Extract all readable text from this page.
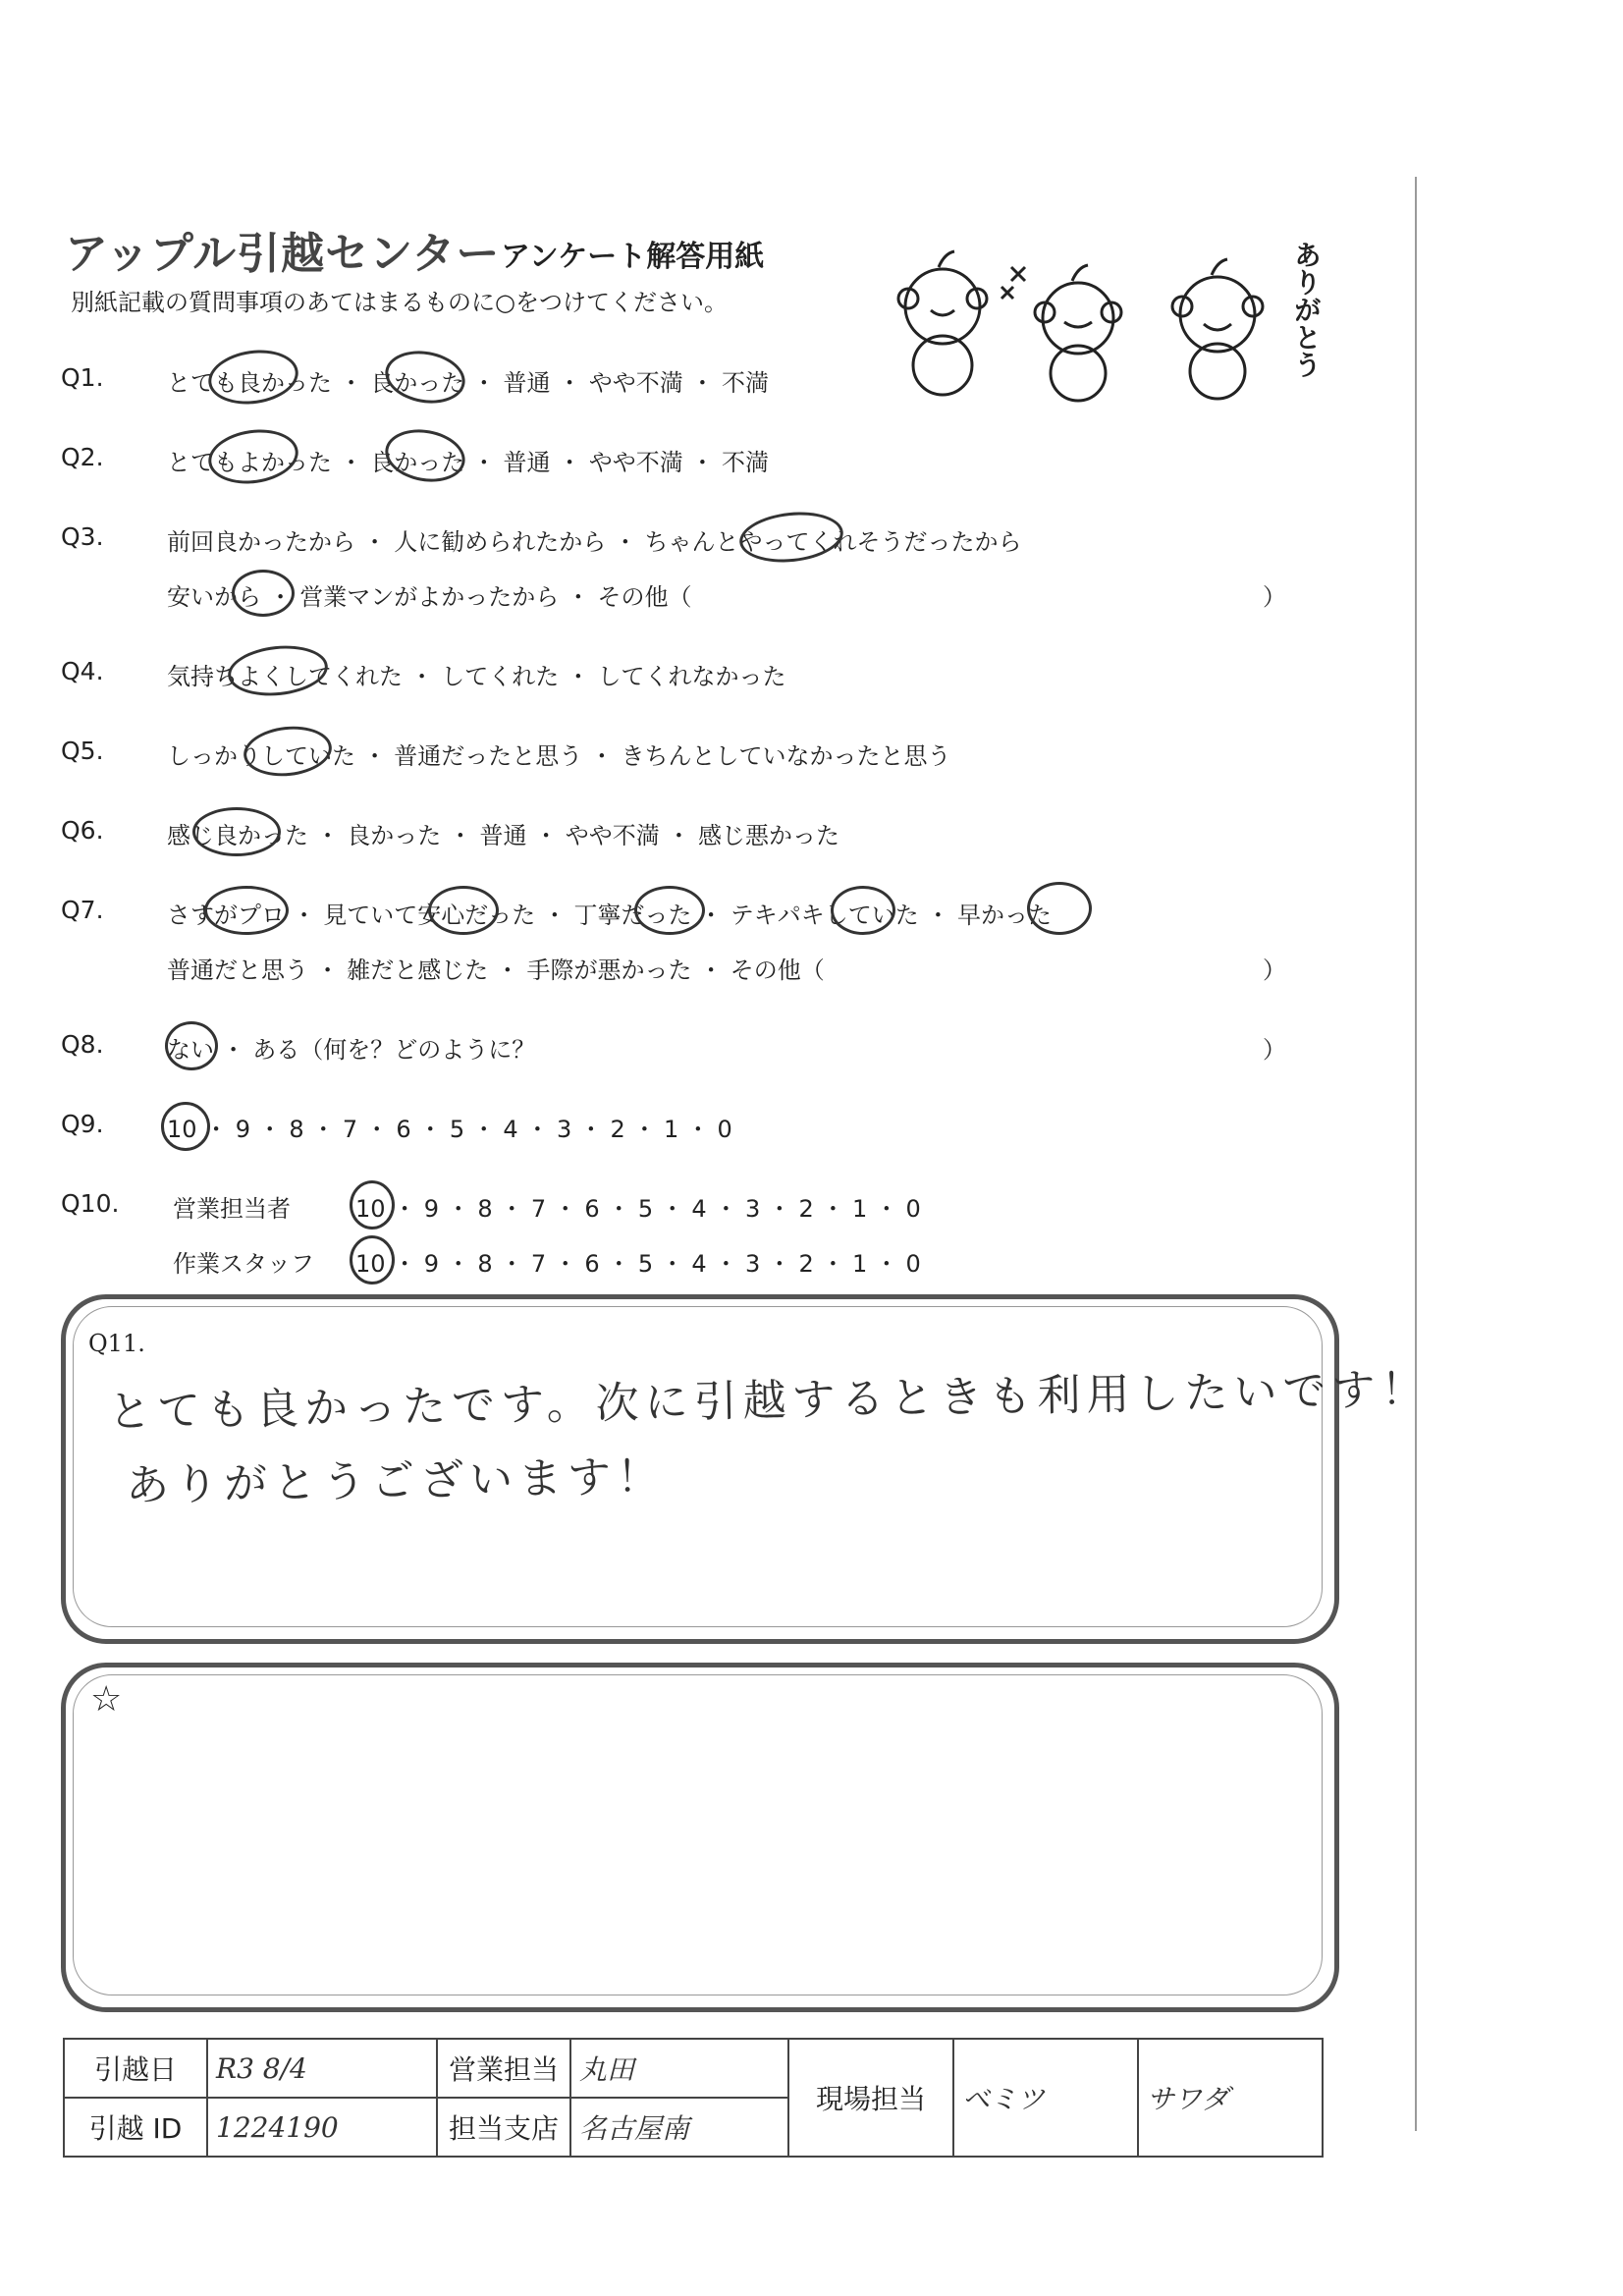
アップル引越センター アンケート解答用紙
別紙記載の質問事項のあてはまるものに○をつけてください。	ありがとう
Q1.	とても良かった ・ 良かった ・ 普通 ・ やや不満 ・ 不満
Q2.	とてもよかった ・ 良かった ・ 普通 ・ やや不満 ・ 不満
Q3.	前回良かったから ・ 人に勧められたから ・ ちゃんとやってくれそうだったから
安いから ・ 営業マンがよかったから ・ その他（	）
Q4.	気持ちよくしてくれた ・ してくれた ・ してくれなかった
Q5.	しっかりしていた ・ 普通だったと思う ・ きちんとしていなかったと思う
Q6.	感じ良かった ・ 良かった ・ 普通 ・ やや不満 ・ 感じ悪かった
Q7.	さすがプロ ・ 見ていて安心だった ・ 丁寧だった ・ テキパキしていた ・ 早かった
普通だと思う ・ 雑だと感じた ・ 手際が悪かった ・ その他（	）
Q8.	ない ・ ある（何を？どのように？	）
Q9.	10 ・ 9 ・ 8 ・ 7 ・ 6 ・ 5 ・ 4 ・ 3 ・ 2 ・ 1 ・ 0
Q10. 営業担当者	10 ・ 9 ・ 8 ・ 7 ・ 6 ・ 5 ・ 4 ・ 3 ・ 2 ・ 1 ・ 0
作業スタッフ 10 ・ 9 ・ 8 ・ 7 ・ 6 ・ 5 ・ 4 ・ 3 ・ 2 ・ 1 ・ 0
Q11.
とても良かったです。次に引越するときも利用したいです！
ありがとうございます！
☆
引越日	R3 8/4	営業担当	丸田	現場担当	ベミツ	サワダ
引越 ID	1224190	担当支店	名古屋南			
